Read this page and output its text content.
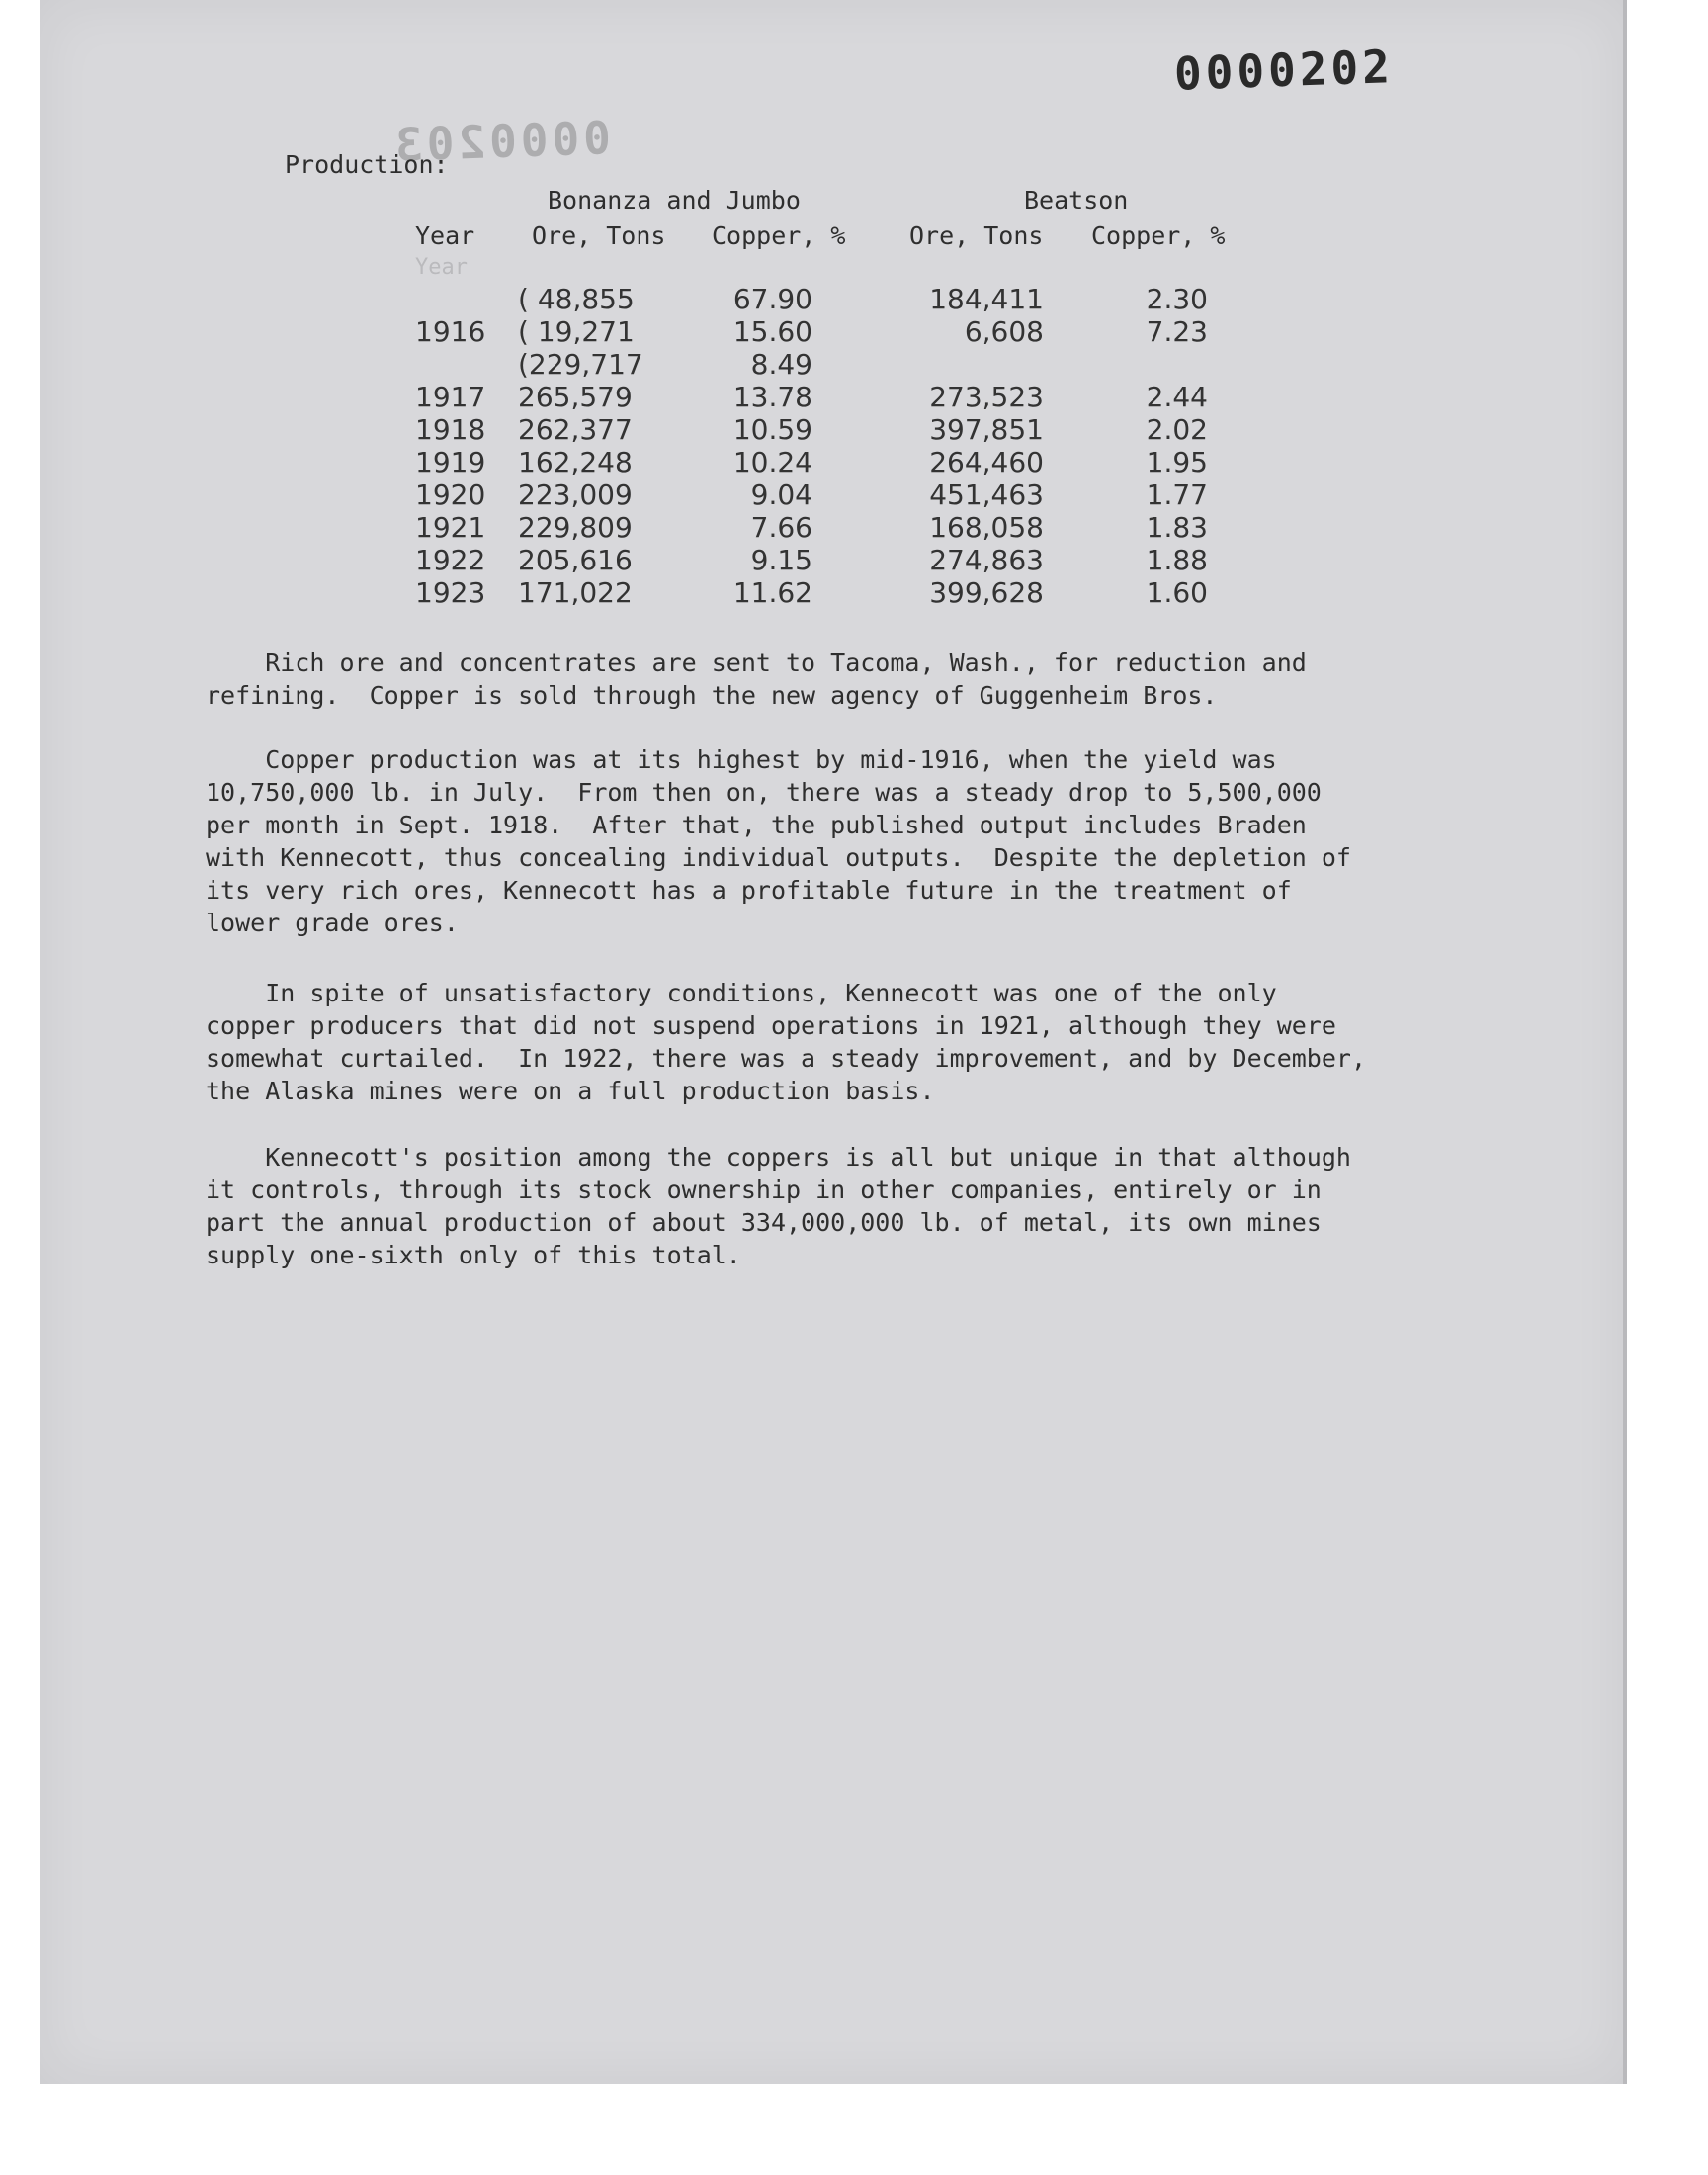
0000202
0000203
Production:
Bonanza and Jumbo	Beatson
Year Ore, Tons Copper, %	Ore, Tons Copper, %
Year
( 48,855	67.90	184,411	2.30
1916 ( 19,271	15.60	6,608	7.23
(229,717	8.49
1917 265,579	13.78	273,523	2.44
1918 262,377	10.59	397,851	2.02
1919 162,248	10.24	264,460	1.95
1920 223,009	9.04	451,463	1.77
1921 229,809	7.66	168,058	1.83
1922 205,616	9.15	274,863	1.88
1923 171,022	11.62	399,628	1.60
Rich ore and concentrates are sent to Tacoma, Wash., for reduction and
refining.  Copper is sold through the new agency of Guggenheim Bros.
Copper production was at its highest by mid-1916, when the yield was
10,750,000 lb. in July.  From then on, there was a steady drop to 5,500,000
per month in Sept. 1918.  After that, the published output includes Braden
with Kennecott, thus concealing individual outputs.  Despite the depletion of
its very rich ores, Kennecott has a profitable future in the treatment of
lower grade ores.
In spite of unsatisfactory conditions, Kennecott was one of the only
copper producers that did not suspend operations in 1921, although they were
somewhat curtailed.  In 1922, there was a steady improvement, and by December,
the Alaska mines were on a full production basis.
Kennecott's position among the coppers is all but unique in that although
it controls, through its stock ownership in other companies, entirely or in
part the annual production of about 334,000,000 lb. of metal, its own mines
supply one-sixth only of this total.
